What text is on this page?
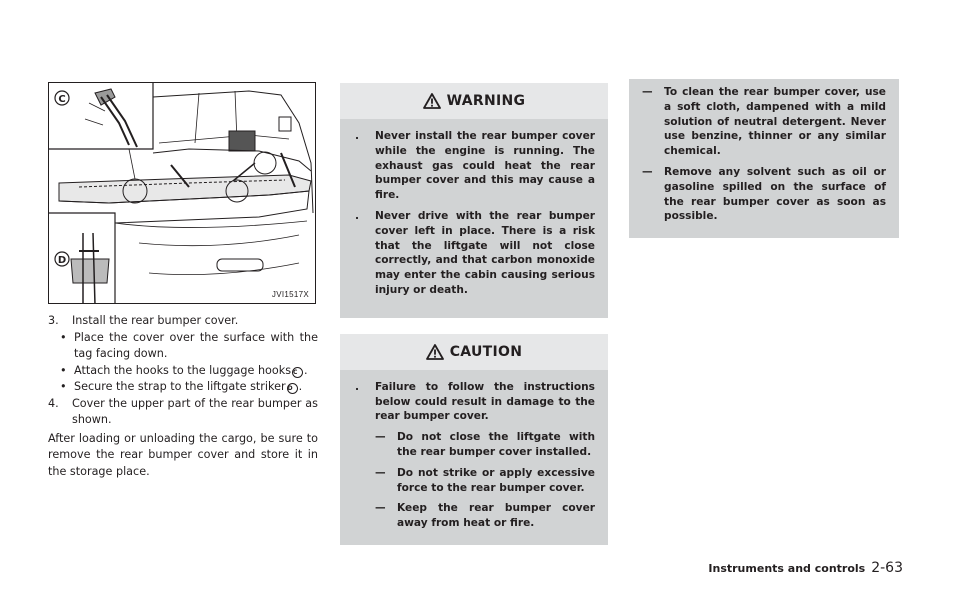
C
D
JVI1517X
3. Install the rear bumper cover.
• Place the cover over the surface with the tag facing down.
• Attach the hooks to the luggage hooks C .
• Secure the strap to the liftgate striker D .
4. Cover the upper part of the rear bumper as shown.
After loading or unloading the cargo, be sure to remove the rear bumper cover and store it in the storage place.
WARNING
. Never install the rear bumper cover while the engine is running. The exhaust gas could heat the rear bumper cover and this may cause a fire.
. Never drive with the rear bumper cover left in place. There is a risk that the liftgate will not close correctly, and that carbon monoxide may enter the cabin causing serious injury or death.
CAUTION
. Failure to follow the instructions below could result in damage to the rear bumper cover.
— Do not close the liftgate with the rear bumper cover installed.
— Do not strike or apply excessive force to the rear bumper cover.
— Keep the rear bumper cover away from heat or fire.
— To clean the rear bumper cover, use a soft cloth, dampened with a mild solution of neutral detergent. Never use benzine, thinner or any similar chemical.
— Remove any solvent such as oil or gasoline spilled on the surface of the rear bumper cover as soon as possible.
Instruments and controls 2-63
